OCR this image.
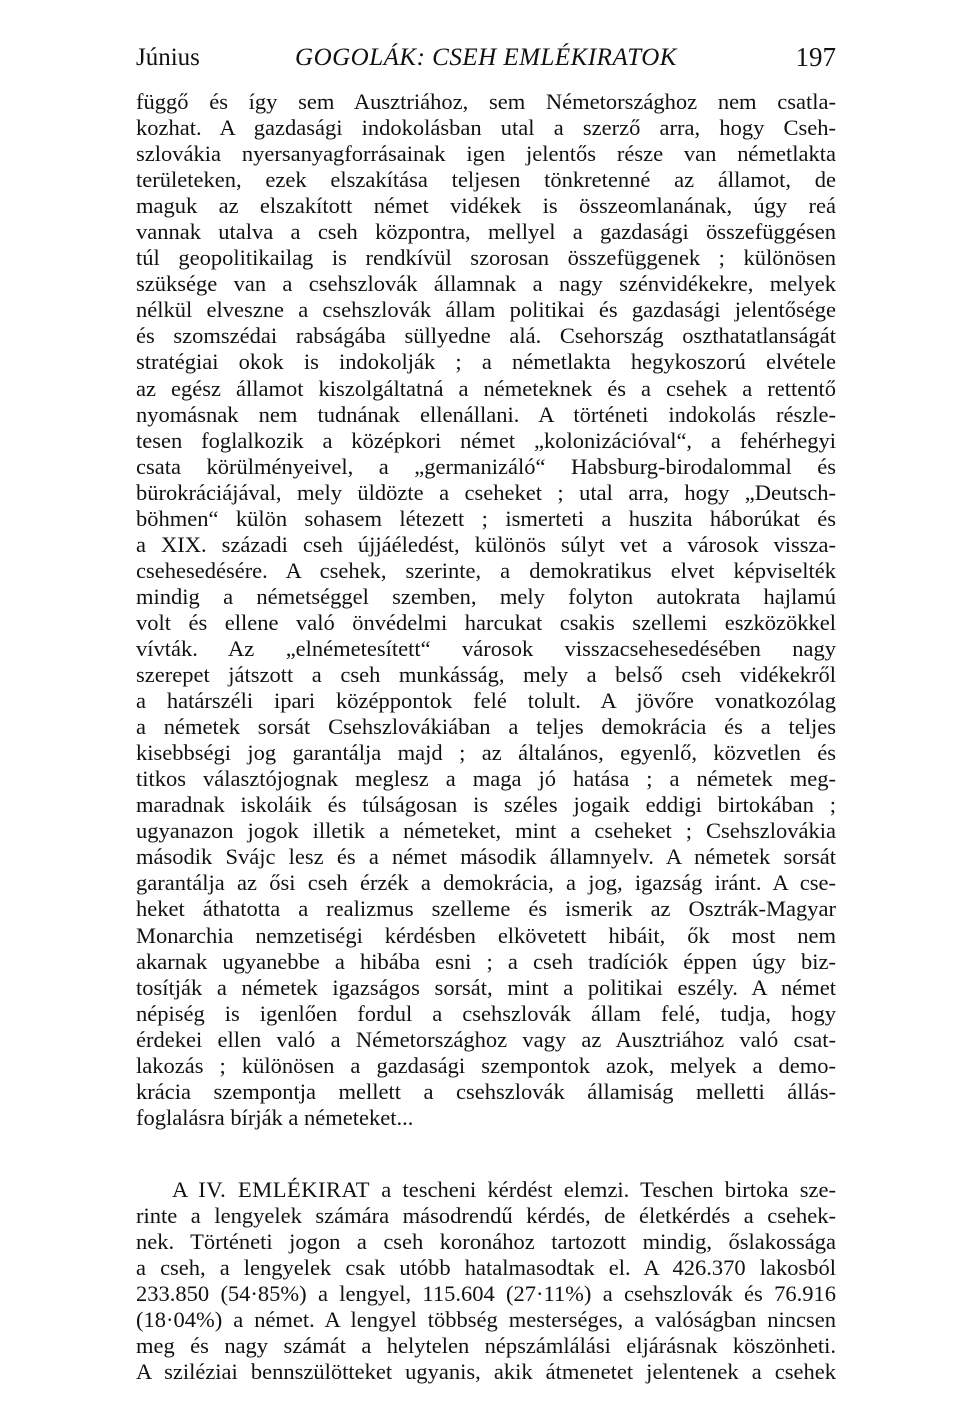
Június	GOGOLÁK: CSEH EMLÉKIRATOK	197
függő és így sem Ausztriához, sem Németországhoz nem csatla-
kozhat. A gazdasági indokolásban utal a szerző arra, hogy Cseh-
szlovákia nyersanyagforrásainak igen jelentős része van németlakta
területeken, ezek elszakítása teljesen tönkretenné az államot, de
maguk az elszakított német vidékek is összeomlanának, úgy reá
vannak utalva a cseh központra, mellyel a gazdasági összefüggésen
túl geopolitikailag is rendkívül szorosan összefüggenek ; különösen
szüksége van a csehszlovák államnak a nagy szénvidékekre, melyek
nélkül elveszne a csehszlovák állam politikai és gazdasági jelentősége
és szomszédai rabságába süllyedne alá. Csehország oszthatatlanságát
stratégiai okok is indokolják ; a németlakta hegykoszorú elvétele
az egész államot kiszolgáltatná a németeknek és a csehek a rettentő
nyomásnak nem tudnának ellenállani. A történeti indokolás részle-
tesen foglalkozik a középkori német „kolonizációval“, a fehérhegyi
csata körülményeivel, a „germanizáló“ Habsburg-birodalommal és
bürokráciájával, mely üldözte a cseheket ; utal arra, hogy „Deutsch-
böhmen“ külön sohasem létezett ; ismerteti a huszita háborúkat és
a XIX. századi cseh újjáéledést, különös súlyt vet a városok vissza-
csehesedésére. A csehek, szerinte, a demokratikus elvet képviselték
mindig a németséggel szemben, mely folyton autokrata hajlamú
volt és ellene való önvédelmi harcukat csakis szellemi eszközökkel
vívták. Az „elnémetesített“ városok visszacsehesedésében nagy
szerepet játszott a cseh munkásság, mely a belső cseh vidékekről
a határszéli ipari középpontok felé tolult. A jövőre vonatkozólag
a németek sorsát Csehszlovákiában a teljes demokrácia és a teljes
kisebbségi jog garantálja majd ; az általános, egyenlő, közvetlen és
titkos választójognak meglesz a maga jó hatása ; a németek meg-
maradnak iskoláik és túlságosan is széles jogaik eddigi birtokában ;
ugyanazon jogok illetik a németeket, mint a cseheket ; Csehszlovákia
második Svájc lesz és a német második államnyelv. A németek sorsát
garantálja az ősi cseh érzék a demokrácia, a jog, igazság iránt. A cse-
heket áthatotta a realizmus szelleme és ismerik az Osztrák-Magyar
Monarchia nemzetiségi kérdésben elkövetett hibáit, ők most nem
akarnak ugyanebbe a hibába esni ; a cseh tradíciók éppen úgy biz-
tosítják a németek igazságos sorsát, mint a politikai eszély. A német
népiség is igenlően fordul a csehszlovák állam felé, tudja, hogy
érdekei ellen való a Németországhoz vagy az Ausztriához való csat-
lakozás ; különösen a gazdasági szempontok azok, melyek a demo-
krácia szempontja mellett a csehszlovák államiság melletti állás-
foglalásra bírják a németeket...
A IV. EMLÉKIRAT a tescheni kérdést elemzi. Teschen birtoka sze-
rinte a lengyelek számára másodrendű kérdés, de életkérdés a csehek-
nek. Történeti jogon a cseh koronához tartozott mindig, őslakossága
a cseh, a lengyelek csak utóbb hatalmasodtak el. A 426.370 lakosból
233.850 (54·85%) a lengyel, 115.604 (27·11%) a csehszlovák és 76.916
(18·04%) a német. A lengyel többség mesterséges, a valóságban nincsen
meg és nagy számát a helytelen népszámlálási eljárásnak köszönheti.
A sziléziai bennszülötteket ugyanis, akik átmenetet jelentenek a csehek
